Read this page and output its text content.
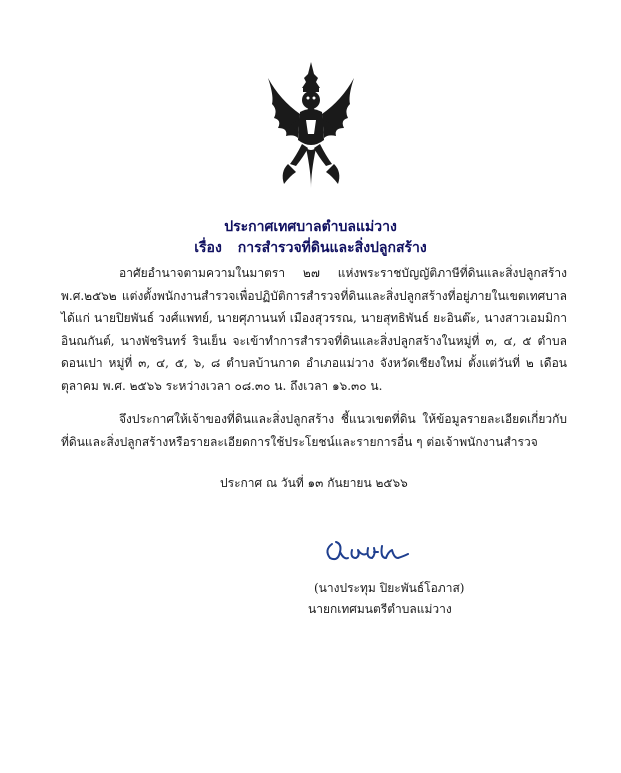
ประกาศเทศบาลตำบลแม่วาง
เรื่อง การสำรวจที่ดินและสิ่งปลูกสร้าง
อาศัยอำนาจตามความในมาตรา ๒๗ แห่งพระราชบัญญัติภาษีที่ดินและสิ่งปลูกสร้าง พ.ศ.๒๕๖๒ แต่งตั้งพนักงานสำรวจเพื่อปฏิบัติการสำรวจที่ดินและสิ่งปลูกสร้างที่อยู่ภายในเขตเทศบาล ได้แก่ นายปิยพันธ์ วงศ์แพทย์, นายศุภานนท์ เมืองสุวรรณ, นายสุทธิพันธ์ ยะอินต๊ะ, นางสาวเอมมิกา อินณกันต์, นางพัชรินทร์ รินเย็น จะเข้าทำการสำรวจที่ดินและสิ่งปลูกสร้างในหมู่ที่ ๓, ๔, ๕ ตำบลดอนเปา หมู่ที่ ๓, ๔, ๕, ๖, ๘ ตำบลบ้านกาด อำเภอแม่วาง จังหวัดเชียงใหม่ ตั้งแต่วันที่ ๒ เดือนตุลาคม พ.ศ. ๒๕๖๖ ระหว่างเวลา ๐๘.๓๐ น. ถึงเวลา ๑๖.๓๐ น.
จึงประกาศให้เจ้าของที่ดินและสิ่งปลูกสร้าง ชี้แนวเขตที่ดิน ให้ข้อมูลรายละเอียดเกี่ยวกับที่ดินและสิ่งปลูกสร้างหรือรายละเอียดการใช้ประโยชน์และรายการอื่น ๆ ต่อเจ้าพนักงานสำรวจ
ประกาศ ณ วันที่ ๑๓ กันยายน ๒๕๖๖
(นางประทุม ปิยะพันธ์โอภาส)
นายกเทศมนตรีตำบลแม่วาง
